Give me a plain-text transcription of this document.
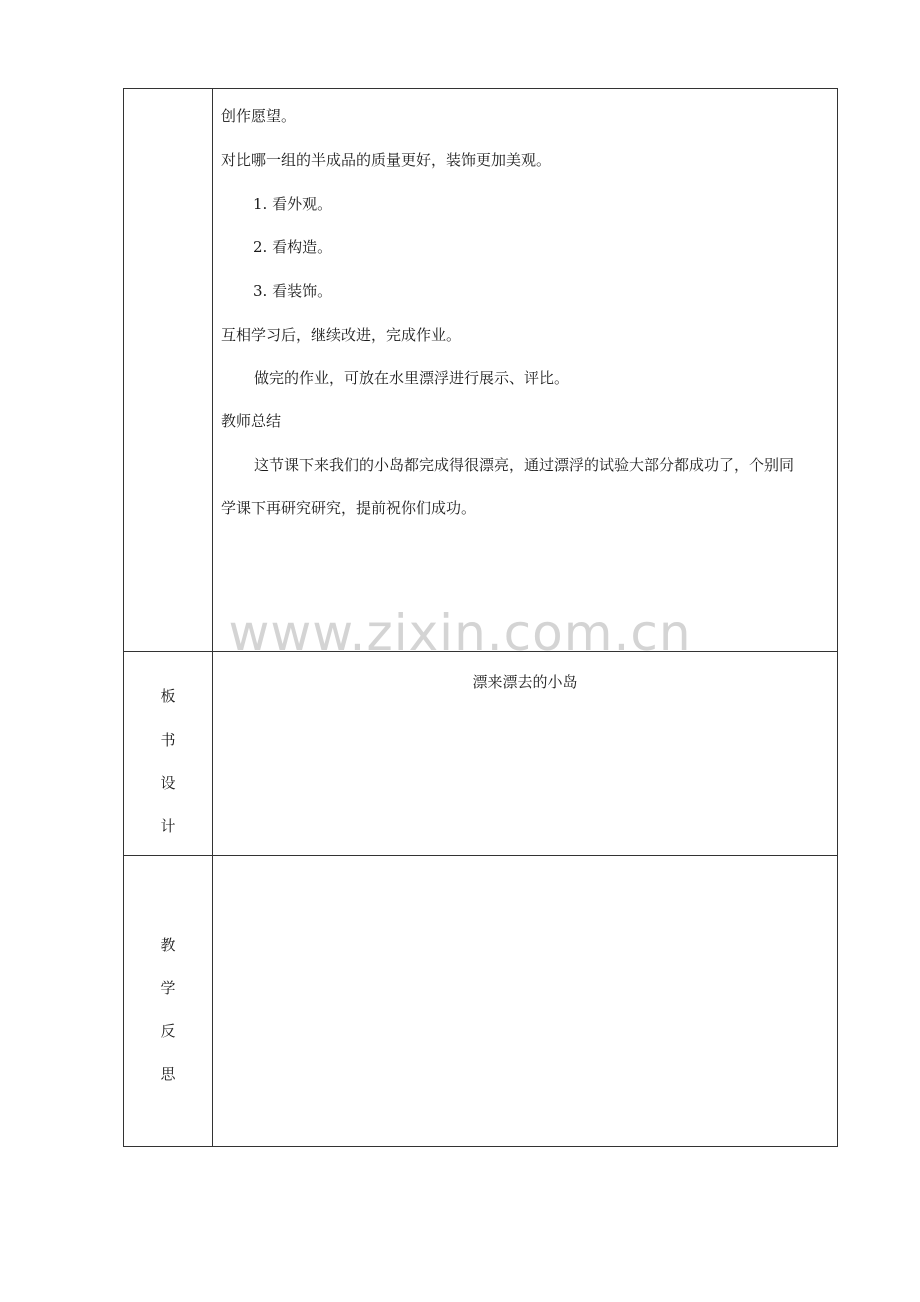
创作愿望。
对比哪一组的半成品的质量更好，装饰更加美观。
1. 看外观。
2. 看构造。
3. 看装饰。
互相学习后，继续改进，完成作业。
做完的作业，可放在水里漂浮进行展示、评比。
教师总结
这节课下来我们的小岛都完成得很漂亮，通过漂浮的试验大部分都成功了，个别同
学课下再研究研究，提前祝你们成功。
板
书
设
计
漂来漂去的小岛
教
学
反
思
www.zixin.com.cn
